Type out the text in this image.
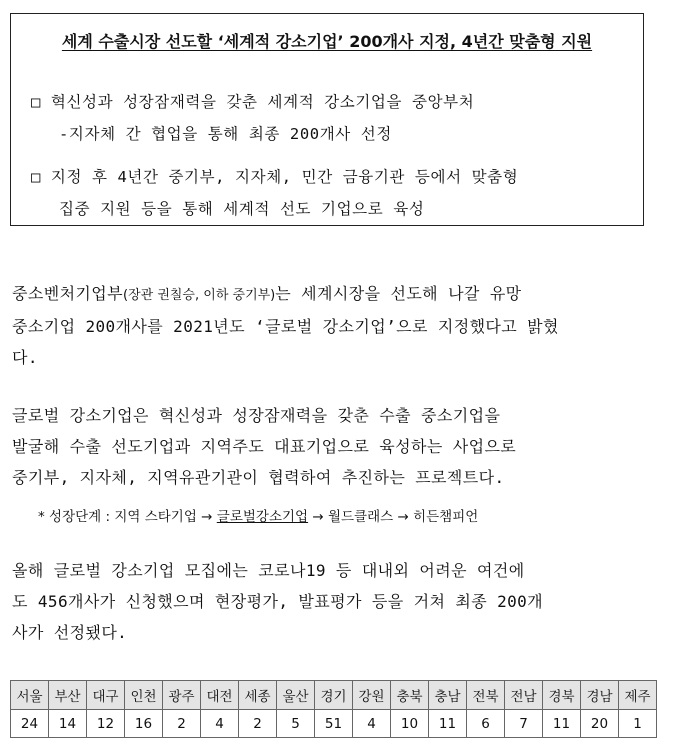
세계 수출시장 선도할 ‘세계적 강소기업’ 200개사 지정, 4년간 맞춤형 지원
□ 혁신성과 성장잠재력을 갖춘 세계적 강소기업을 중앙부처
-지자체 간 협업을 통해 최종 200개사 선정
□ 지정 후 4년간 중기부, 지자체, 민간 금융기관 등에서 맞춤형
집중 지원 등을 통해 세계적 선도 기업으로 육성
중소벤처기업부(장관 권칠승, 이하 중기부)는 세계시장을 선도해 나갈 유망
중소기업 200개사를 2021년도 ‘글로벌 강소기업’으로 지정했다고 밝혔
다.
글로벌 강소기업은 혁신성과 성장잠재력을 갖춘 수출 중소기업을
발굴해 수출 선도기업과 지역주도 대표기업으로 육성하는 사업으로
중기부, 지자체, 지역유관기관이 협력하여 추진하는 프로젝트다.
* 성장단계 : 지역 스타기업 → 글로벌강소기업 → 월드클래스 → 히든챔피언
올해 글로벌 강소기업 모집에는 코로나19 등 대내외 어려운 여건에
도 456개사가 신청했으며 현장평가, 발표평가 등을 거쳐 최종 200개
사가 선정됐다.
서울	부산	대구	인천	광주	대전	세종	울산	경기	강원	충북	충남	전북	전남	경북	경남	제주
24	14	12	16	2	4	2	5	51	4	10	11	6	7	11	20	1
